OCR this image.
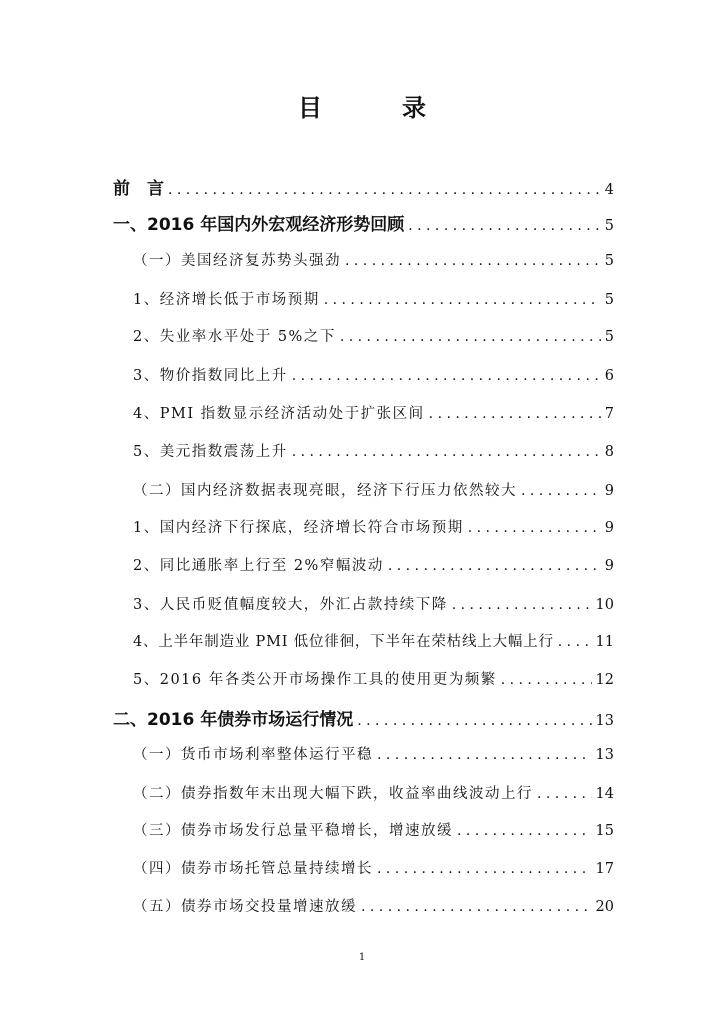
目　录
前　言 . . .	4
一、2016 年国内外宏观经济形势回顾 . . .	5
（一）美国经济复苏势头强劲 . . .	5
1、经济增长低于市场预期 . . .	5
2、失业率水平处于 5%之下 . . .	5
3、物价指数同比上升 . . .	6
4、PMI 指数显示经济活动处于扩张区间 . . .	7
5、美元指数震荡上升 . . .	8
（二）国内经济数据表现亮眼，经济下行压力依然较大 . . .	9
1、国内经济下行探底，经济增长符合市场预期 . . .	9
2、同比通胀率上行至 2%窄幅波动 . . .	9
3、人民币贬值幅度较大，外汇占款持续下降 . . .	10
4、上半年制造业 PMI 低位徘徊，下半年在荣枯线上大幅上行 . . .	11
5、2016 年各类公开市场操作工具的使用更为频繁 . . .	12
二、2016 年债券市场运行情况 . . .	13
（一）货币市场利率整体运行平稳 . . .	13
（二）债券指数年末出现大幅下跌，收益率曲线波动上行 . . .	14
（三）债券市场发行总量平稳增长，增速放缓 . . .	15
（四）债券市场托管总量持续增长 . . .	17
（五）债券市场交投量增速放缓 . . .	20
1
